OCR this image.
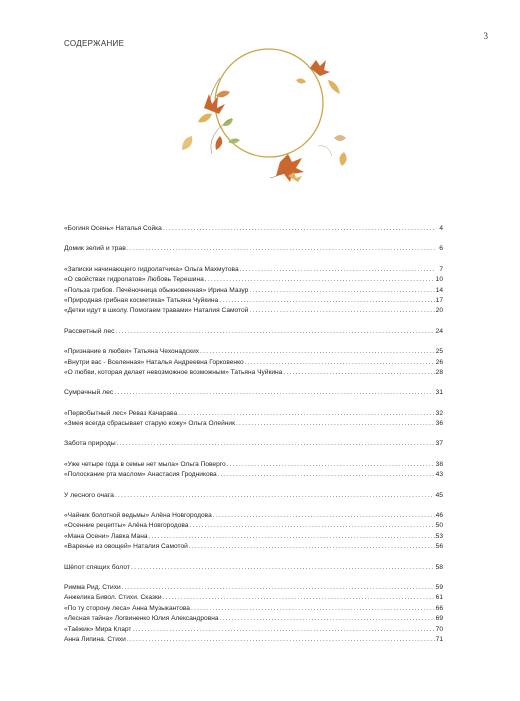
3
СОДЕРЖАНИЕ
«Богиня Осень» Наталья Сойка . . .	4
Домик зелий и трав . . .	6
«Записки начинающего гидролатчика» Ольга Махмутова . . .	7
«О свойствах гидролатов» Любовь Терешина . . .	10
«Польза грибов. Печёночница обыкновенная» Ирина Мазур . . .	14
«Природная грибная косметика» Татьяна Чуйкина . . .	17
«Детки идут в школу. Помогаем травами» Наталия Самотой . . .	20
Рассветный лес . . .	24
«Признание в любви» Татьяна Чехонадских . . .	25
«Внутри вас - Вселенная» Наталья Андреевна Горковенко . . .	26
«О любви, которая делает невозможное возможным» Татьяна Чуйкина . . .	28
Сумрачный лес . . .	31
«Первобытный лес» Реваз Качарава . . .	32
«Змея всегда сбрасывает старую кожу» Ольга Олейник . . .	36
Забота природы . . .	37
«Уже четыре года в семье нет мыла» Ольга Поверго . . .	38
«Полоскание рта маслом» Анастасия Гродникова . . .	43
У лесного очага . . .	45
«Чайник болотной ведьмы» Алёна Новгородова . . .	46
«Осенние рецепты» Алёна Новгородова . . .	50
«Мана Осени» Лавка Мана . . .	53
«Варенье из овощей» Наталия Самотой . . .	56
Шёпот спящих болот . . .	58
Римма Рид. Стихи . . .	59
Анжелика Бивол. Стихи. Сказки . . .	61
«По ту сторону леса» Анна Музыкантова . . .	66
«Лесная тайна» Логвиненко Юлия Александровна . . .	69
«Таёжик» Мира Кларт . . .	70
Анна Липина. Стихи . . .	71
